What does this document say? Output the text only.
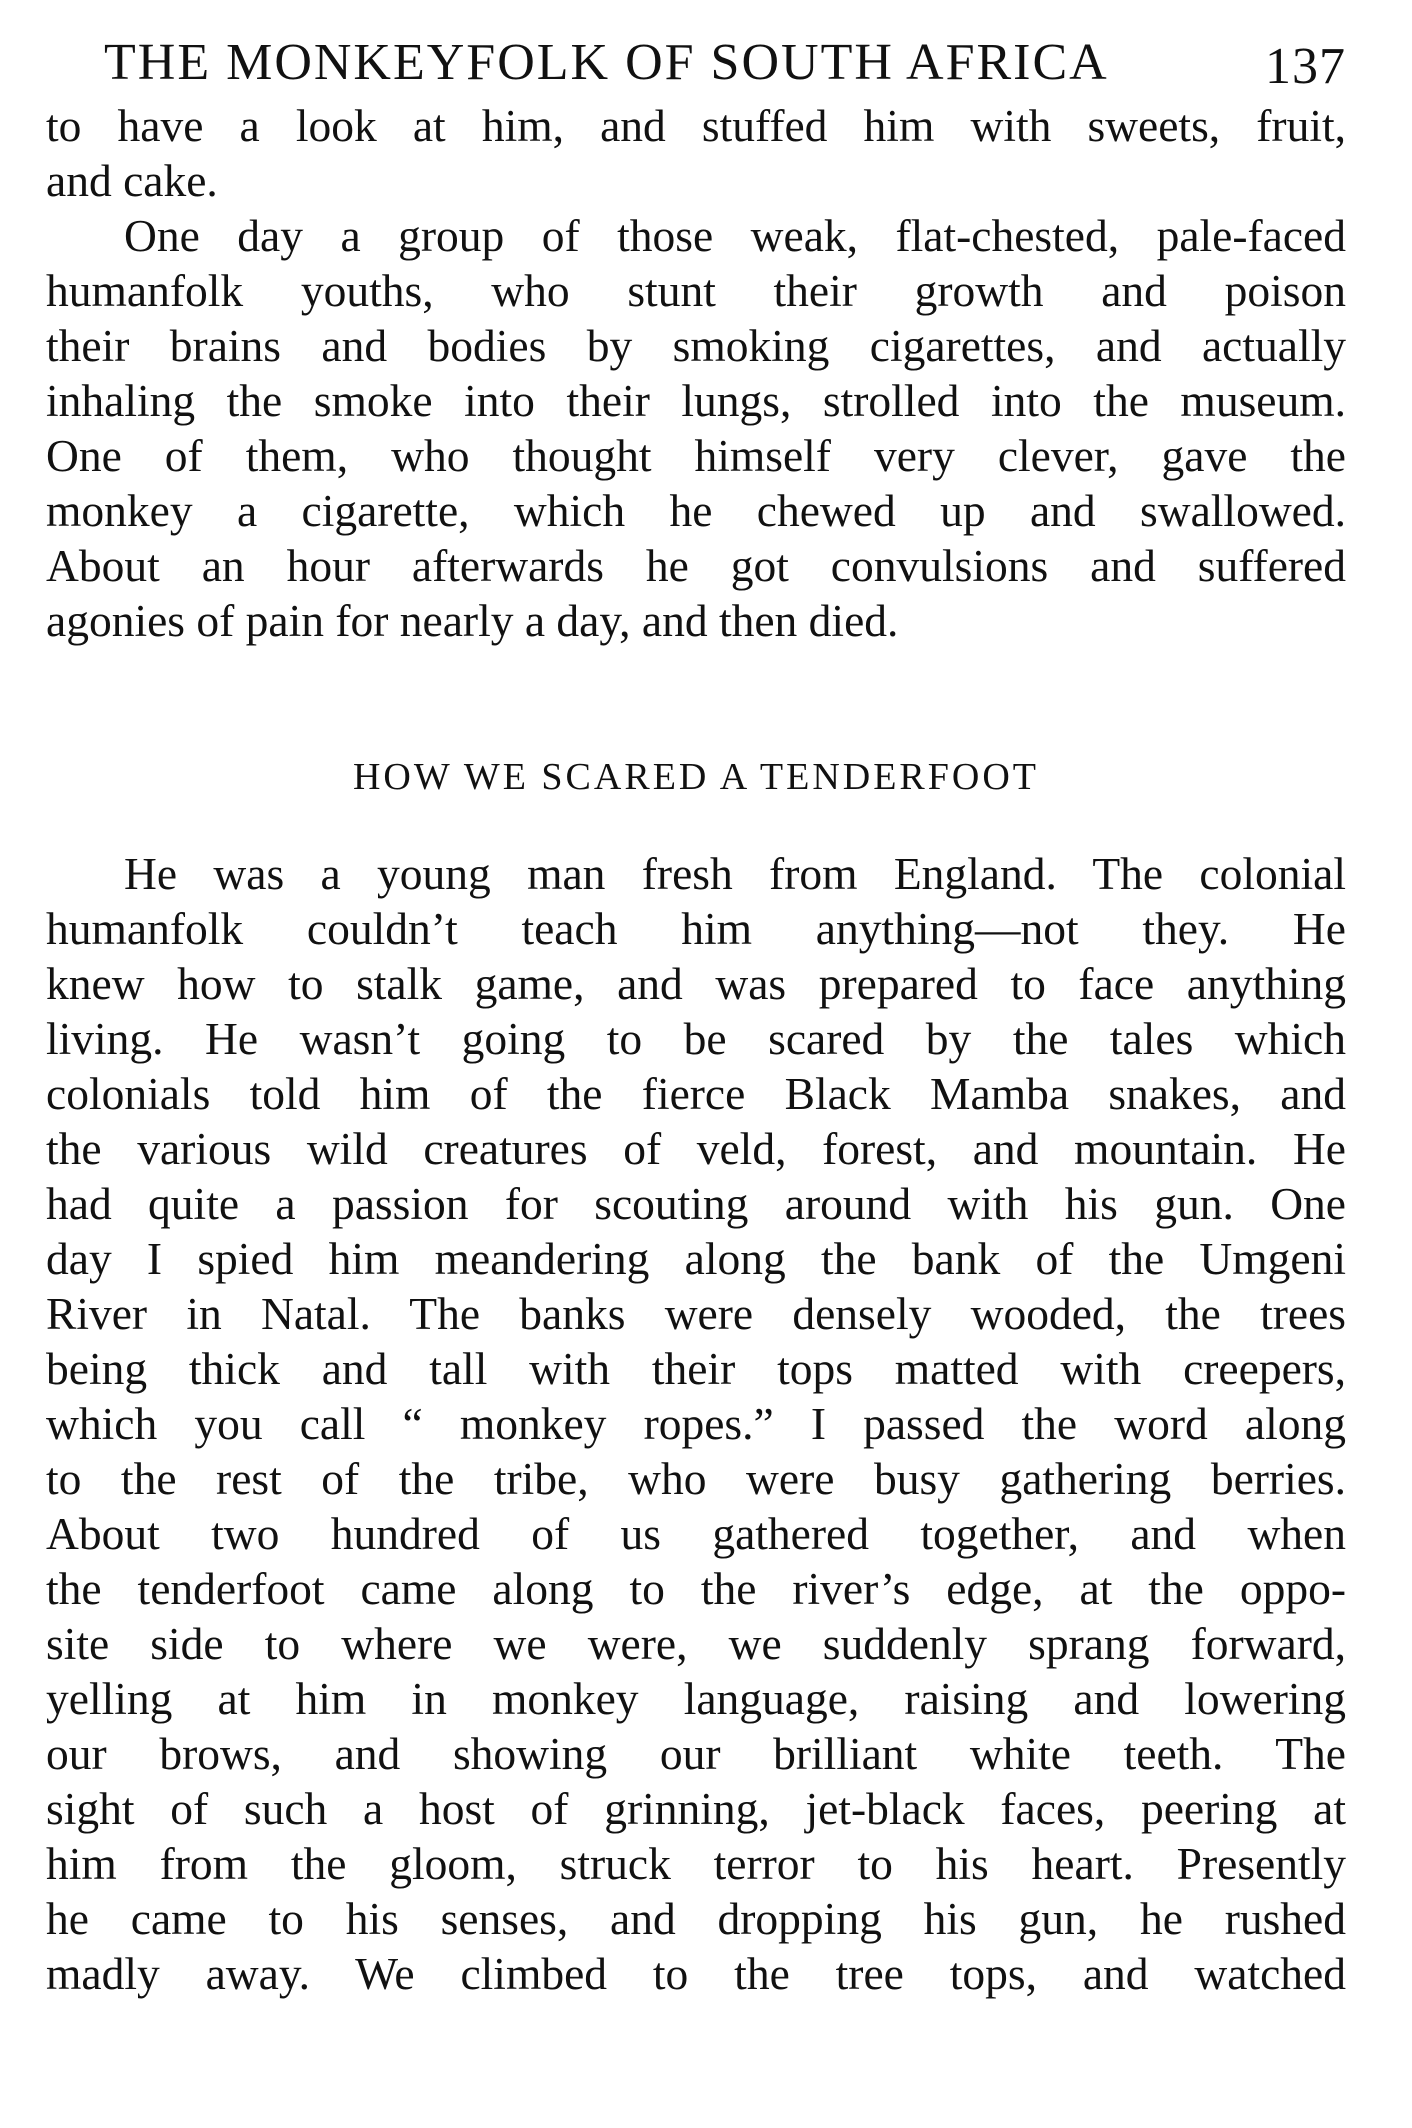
THE MONKEYFOLK OF SOUTH AFRICA	137
to have a look at him, and stuffed him with sweets, fruit,
and cake.
One day a group of those weak, flat-chested, pale-faced
humanfolk youths, who stunt their growth and poison
their brains and bodies by smoking cigarettes, and actually
inhaling the smoke into their lungs, strolled into the museum.
One of them, who thought himself very clever, gave the
monkey a cigarette, which he chewed up and swallowed.
About an hour afterwards he got convulsions and suffered
agonies of pain for nearly a day, and then died.
HOW WE SCARED A TENDERFOOT
He was a young man fresh from England. The colonial
humanfolk couldn’t teach him anything—not they. He
knew how to stalk game, and was prepared to face anything
living. He wasn’t going to be scared by the tales which
colonials told him of the fierce Black Mamba snakes, and
the various wild creatures of veld, forest, and mountain. He
had quite a passion for scouting around with his gun. One
day I spied him meandering along the bank of the Umgeni
River in Natal. The banks were densely wooded, the trees
being thick and tall with their tops matted with creepers,
which you call “ monkey ropes.” I passed the word along
to the rest of the tribe, who were busy gathering berries.
About two hundred of us gathered together, and when
the tenderfoot came along to the river’s edge, at the oppo-
site side to where we were, we suddenly sprang forward,
yelling at him in monkey language, raising and lowering
our brows, and showing our brilliant white teeth. The
sight of such a host of grinning, jet-black faces, peering at
him from the gloom, struck terror to his heart. Presently
he came to his senses, and dropping his gun, he rushed
madly away. We climbed to the tree tops, and watched
